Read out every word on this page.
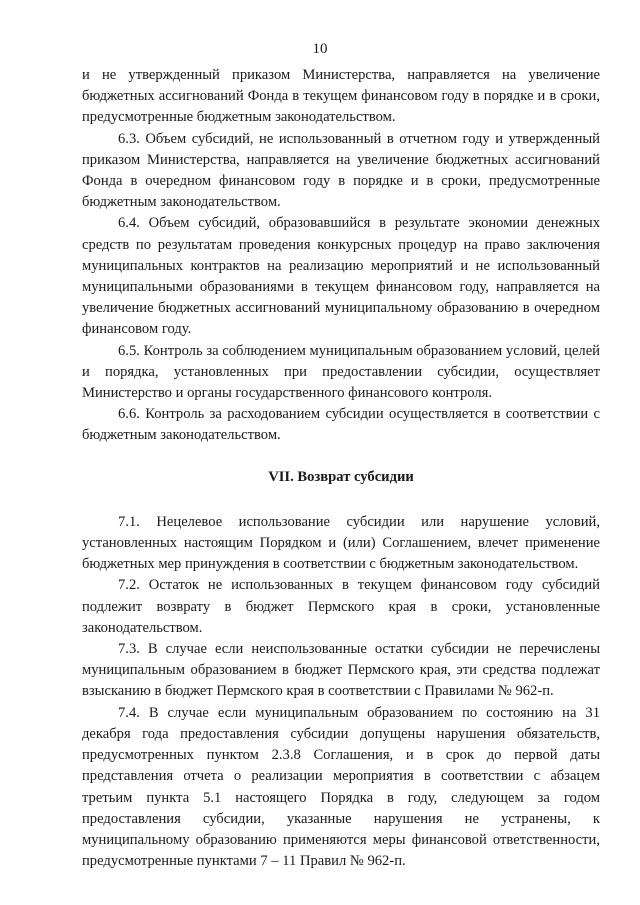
10

и не утвержденный приказом Министерства, направляется на увеличение бюджетных ассигнований Фонда в текущем финансовом году в порядке и в сроки, предусмотренные бюджетным законодательством.

6.3. Объем субсидий, не использованный в отчетном году и утвержденный приказом Министерства, направляется на увеличение бюджетных ассигнований Фонда в очередном финансовом году в порядке и в сроки, предусмотренные бюджетным законодательством.

6.4. Объем субсидий, образовавшийся в результате экономии денежных средств по результатам проведения конкурсных процедур на право заключения муниципальных контрактов на реализацию мероприятий и не использованный муниципальными образованиями в текущем финансовом году, направляется на увеличение бюджетных ассигнований муниципальному образованию в очередном финансовом году.

6.5. Контроль за соблюдением муниципальным образованием условий, целей и порядка, установленных при предоставлении субсидии, осуществляет Министерство и органы государственного финансового контроля.

6.6. Контроль за расходованием субсидии осуществляется в соответствии с бюджетным законодательством.

VII. Возврат субсидии

7.1. Нецелевое использование субсидии или нарушение условий, установленных настоящим Порядком и (или) Соглашением, влечет применение бюджетных мер принуждения в соответствии с бюджетным законодательством.

7.2. Остаток не использованных в текущем финансовом году субсидий подлежит возврату в бюджет Пермского края в сроки, установленные законодательством.

7.3. В случае если неиспользованные остатки субсидии не перечислены муниципальным образованием в бюджет Пермского края, эти средства подлежат взысканию в бюджет Пермского края в соответствии с Правилами № 962-п.

7.4. В случае если муниципальным образованием по состоянию на 31 декабря года предоставления субсидии допущены нарушения обязательств, предусмотренных пунктом 2.3.8 Соглашения, и в срок до первой даты представления отчета о реализации мероприятия в соответствии с абзацем третьим пункта 5.1 настоящего Порядка в году, следующем за годом предоставления субсидии, указанные нарушения не устранены, к муниципальному образованию применяются меры финансовой ответственности, предусмотренные пунктами 7 – 11 Правил № 962-п.
